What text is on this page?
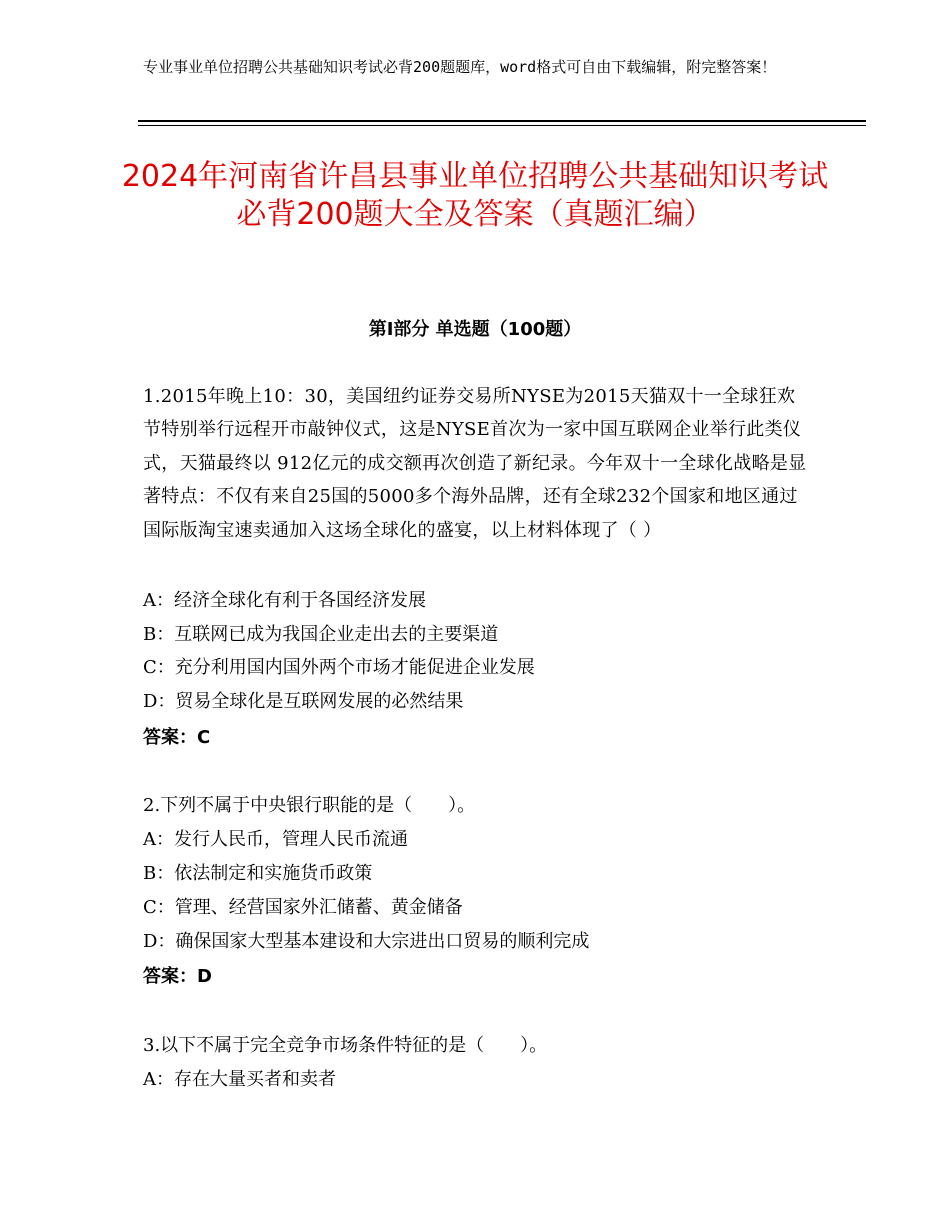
专业事业单位招聘公共基础知识考试必背200题题库，word格式可自由下载编辑，附完整答案！
2024年河南省许昌县事业单位招聘公共基础知识考试必背200题大全及答案（真题汇编）
第Ⅰ部分 单选题（100题）
1.2015年晚上10：30，美国纽约证券交易所NYSE为2015天猫双十一全球狂欢节特别举行远程开市敲钟仪式，这是NYSE首次为一家中国互联网企业举行此类仪式，天猫最终以 912亿元的成交额再次创造了新纪录。今年双十一全球化战略是显著特点：不仅有来自25国的5000多个海外品牌，还有全球232个国家和地区通过国际版淘宝速卖通加入这场全球化的盛宴，以上材料体现了（ ）
A：经济全球化有利于各国经济发展
B：互联网已成为我国企业走出去的主要渠道
C：充分利用国内国外两个市场才能促进企业发展
D：贸易全球化是互联网发展的必然结果
答案：C
2.下列不属于中央银行职能的是（　　）。
A：发行人民币，管理人民币流通
B：依法制定和实施货币政策
C：管理、经营国家外汇储蓄、黄金储备
D：确保国家大型基本建设和大宗进出口贸易的顺利完成
答案：D
3.以下不属于完全竞争市场条件特征的是（　　）。
A：存在大量买者和卖者
